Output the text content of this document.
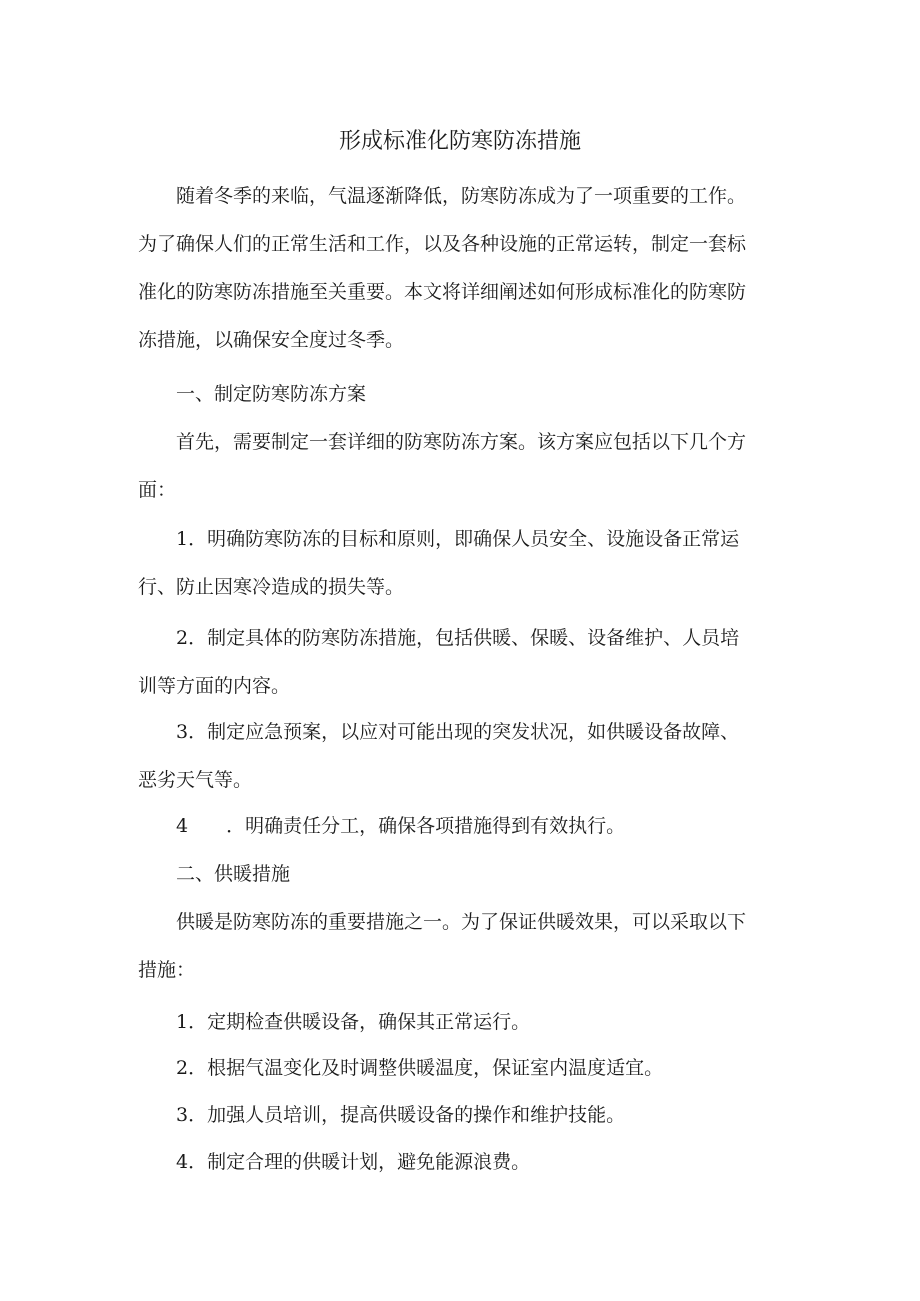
形成标准化防寒防冻措施
　　随着冬季的来临，气温逐渐降低，防寒防冻成为了一项重要的工作。
为了确保人们的正常生活和工作，以及各种设施的正常运转，制定一套标
准化的防寒防冻措施至关重要。本文将详细阐述如何形成标准化的防寒防
冻措施，以确保安全度过冬季。
　　一、制定防寒防冻方案
　　首先，需要制定一套详细的防寒防冻方案。该方案应包括以下几个方
面：
　　1．明确防寒防冻的目标和原则，即确保人员安全、设施设备正常运
行、防止因寒冷造成的损失等。
　　2．制定具体的防寒防冻措施，包括供暖、保暖、设备维护、人员培
训等方面的内容。
　　3．制定应急预案，以应对可能出现的突发状况，如供暖设备故障、
恶劣天气等。
　　4　　．明确责任分工，确保各项措施得到有效执行。
　　二、供暖措施
　　供暖是防寒防冻的重要措施之一。为了保证供暖效果，可以采取以下
措施：
　　1．定期检查供暖设备，确保其正常运行。
　　2．根据气温变化及时调整供暖温度，保证室内温度适宜。
　　3．加强人员培训，提高供暖设备的操作和维护技能。
　　4．制定合理的供暖计划，避免能源浪费。
